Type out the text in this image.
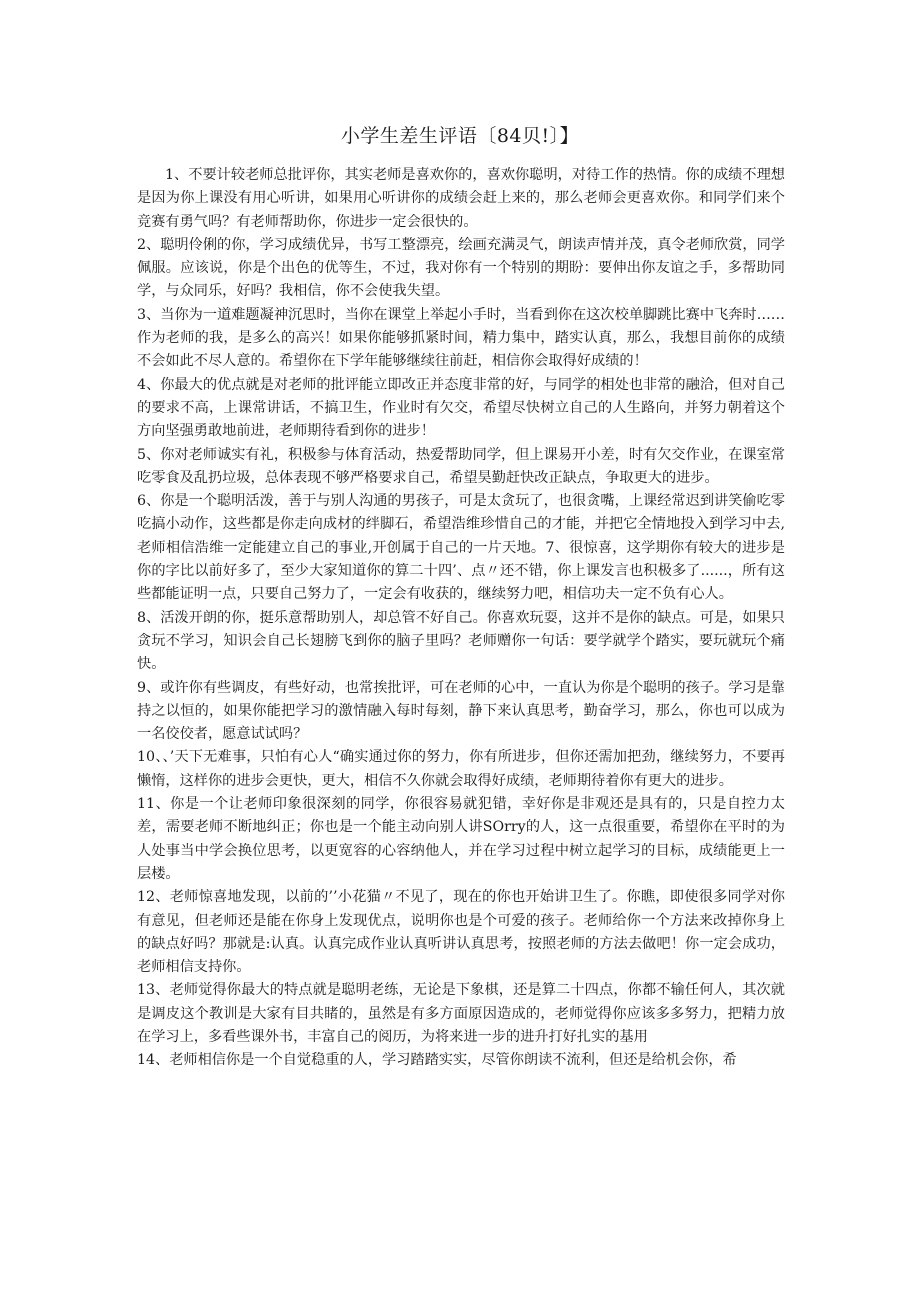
小学生差生评语〔84贝!〕】

1、不要计较老师总批评你，其实老师是喜欢你的，喜欢你聪明，对待工作的热情。你的成绩不理想是因为你上课没有用心听讲，如果用心听讲你的成绩会赶上来的，那么老师会更喜欢你。和同学们来个竞赛有勇气吗？有老师帮助你，你进步一定会很快的。

2、聪明伶俐的你，学习成绩优异，书写工整漂亮，绘画充满灵气，朗读声情并茂，真令老师欣赏，同学佩服。应该说，你是个出色的优等生，不过，我对你有一个特别的期盼：要伸出你友谊之手，多帮助同学，与众同乐，好吗？我相信，你不会使我失望。

3、当你为一道难题凝神沉思时，当你在课堂上举起小手时，当看到你在这次校单脚跳比赛中飞奔时……作为老师的我，是多么的高兴！如果你能够抓紧时间，精力集中，踏实认真，那么，我想目前你的成绩不会如此不尽人意的。希望你在下学年能够继续往前赶，相信你会取得好成绩的！

4、你最大的优点就是对老师的批评能立即改正并态度非常的好，与同学的相处也非常的融洽，但对自己的要求不高，上课常讲话，不搞卫生，作业时有欠交，希望尽快树立自己的人生路向，并努力朝着这个方向坚强勇敢地前进，老师期待看到你的进步！

5、你对老师诚实有礼，积极参与体育活动，热爱帮助同学，但上课易开小差，时有欠交作业，在课室常吃零食及乱扔垃圾，总体表现不够严格要求自己，希望昊勤赶快改正缺点，争取更大的进步。

6、你是一个聪明活泼，善于与别人沟通的男孩子，可是太贪玩了，也很贪嘴，上课经常迟到讲笑偷吃零吃搞小动作，这些都是你走向成材的绊脚石，希望浩维珍惜自己的才能，并把它全情地投入到学习中去,老师相信浩维一定能建立自己的事业,开创属于自己的一片天地。7、很惊喜，这学期你有较大的进步是你的字比以前好多了，至少大家知道你的算二十四’、点〃还不错，你上课发言也积极多了......，所有这些都能证明一点，只要自己努力了，一定会有收获的，继续努力吧，相信功夫一定不负有心人。

8、活泼开朗的你，挺乐意帮助别人，却总管不好自己。你喜欢玩耍，这并不是你的缺点。可是，如果只贪玩不学习，知识会自己长翅膀飞到你的脑子里吗？老师赠你一句话：要学就学个踏实，要玩就玩个痛快。

9、或许你有些调皮，有些好动，也常挨批评，可在老师的心中，一直认为你是个聪明的孩子。学习是靠持之以恒的，如果你能把学习的激情融入每时每刻，静下来认真思考，勤奋学习，那么，你也可以成为一名佼佼者，愿意试试吗？

10、、’天下无难事，只怕有心人“确实通过你的努力，你有所进步，但你还需加把劲，继续努力，不要再懒惰，这样你的进步会更快，更大，相信不久你就会取得好成绩，老师期待着你有更大的进步。

11、你是一个让老师印象很深刻的同学，你很容易就犯错，幸好你是非观还是具有的，只是自控力太差，需要老师不断地纠正；你也是一个能主动向别人讲SOrry的人，这一点很重要，希望你在平时的为人处事当中学会换位思考，以更宽容的心容纳他人，并在学习过程中树立起学习的目标，成绩能更上一层楼。

12、老师惊喜地发现，以前的’’小花猫〃不见了，现在的你也开始讲卫生了。你瞧，即使很多同学对你有意见，但老师还是能在你身上发现优点，说明你也是个可爱的孩子。老师给你一个方法来改掉你身上的缺点好吗？那就是:认真。认真完成作业认真听讲认真思考，按照老师的方法去做吧！你一定会成功，老师相信支持你。

13、老师觉得你最大的特点就是聪明老练，无论是下象棋，还是算二十四点，你都不输任何人，其次就是调皮这个教训是大家有目共睹的，虽然是有多方面原因造成的，老师觉得你应该多多努力，把精力放在学习上，多看些课外书，丰富自己的阅历，为将来进一步的进升打好扎实的基用

14、老师相信你是一个自觉稳重的人，学习踏踏实实，尽管你朗读不流利，但还是给机会你，希
